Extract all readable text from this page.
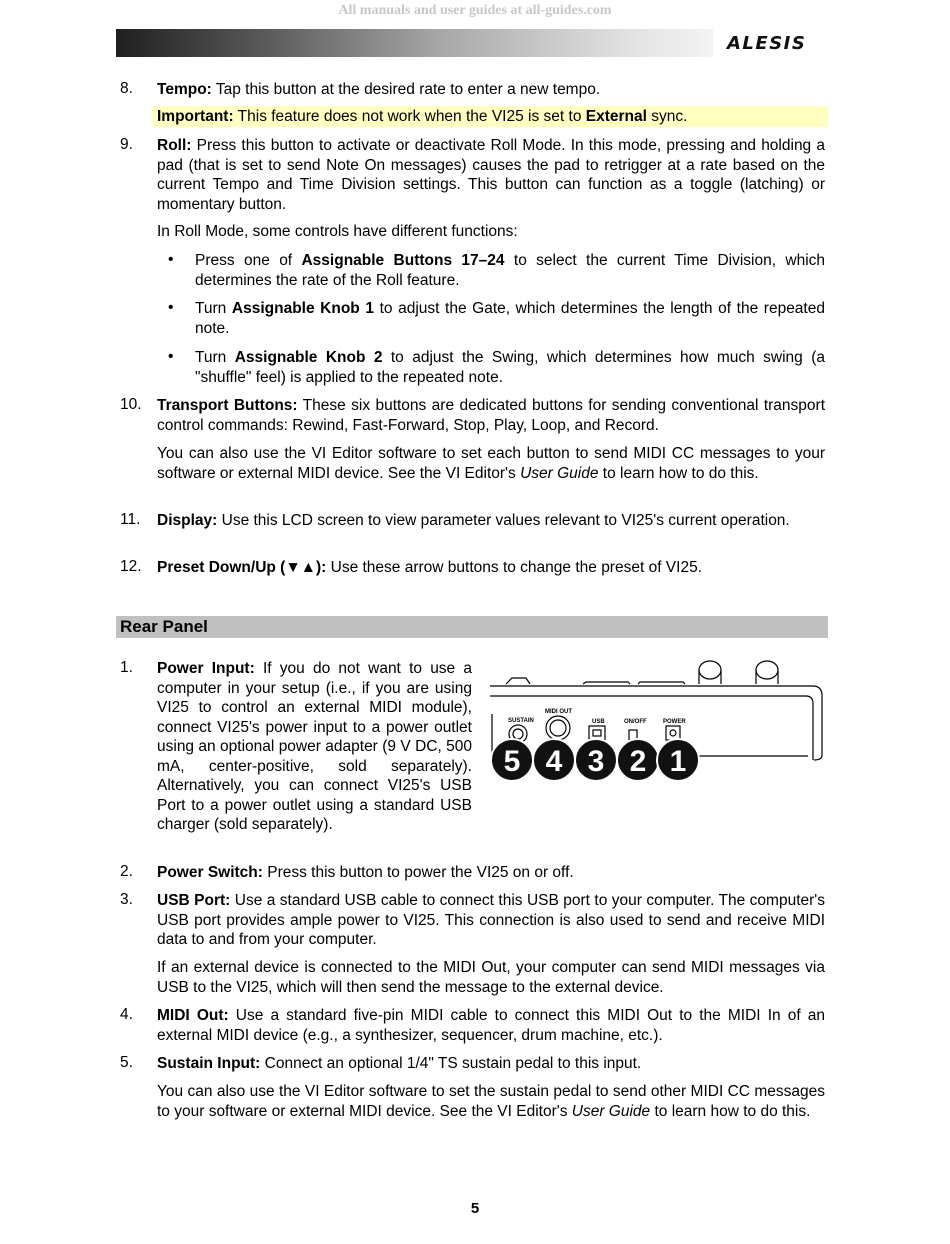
All manuals and user guides at all-guides.com
ALESIS
8. Tempo: Tap this button at the desired rate to enter a new tempo.
Important: This feature does not work when the VI25 is set to External sync.
9. Roll: Press this button to activate or deactivate Roll Mode. In this mode, pressing and holding a pad (that is set to send Note On messages) causes the pad to retrigger at a rate based on the current Tempo and Time Division settings. This button can function as a toggle (latching) or momentary button.
In Roll Mode, some controls have different functions:
• Press one of Assignable Buttons 17–24 to select the current Time Division, which determines the rate of the Roll feature.
• Turn Assignable Knob 1 to adjust the Gate, which determines the length of the repeated note.
• Turn Assignable Knob 2 to adjust the Swing, which determines how much swing (a "shuffle" feel) is applied to the repeated note.
10. Transport Buttons: These six buttons are dedicated buttons for sending conventional transport control commands: Rewind, Fast-Forward, Stop, Play, Loop, and Record.
You can also use the VI Editor software to set each button to send MIDI CC messages to your software or external MIDI device. See the VI Editor's User Guide to learn how to do this.
11. Display: Use this LCD screen to view parameter values relevant to VI25's current operation.
12. Preset Down/Up (▼▲): Use these arrow buttons to change the preset of VI25.
Rear Panel
1. Power Input: If you do not want to use a computer in your setup (i.e., if you are using VI25 to control an external MIDI module), connect VI25's power input to a power outlet using an optional power adapter (9 V DC, 500 mA, center-positive, sold separately). Alternatively, you can connect VI25's USB Port to a power outlet using a standard USB charger (sold separately).
SUSTAIN
MIDI OUT
USB	ON/OFF	POWER
5 4 3 2 1
2. Power Switch: Press this button to power the VI25 on or off.
3. USB Port: Use a standard USB cable to connect this USB port to your computer. The computer's USB port provides ample power to VI25. This connection is also used to send and receive MIDI data to and from your computer.
If an external device is connected to the MIDI Out, your computer can send MIDI messages via USB to the VI25, which will then send the message to the external device.
4. MIDI Out: Use a standard five-pin MIDI cable to connect this MIDI Out to the MIDI In of an external MIDI device (e.g., a synthesizer, sequencer, drum machine, etc.).
5. Sustain Input: Connect an optional 1/4" TS sustain pedal to this input.
You can also use the VI Editor software to set the sustain pedal to send other MIDI CC messages to your software or external MIDI device. See the VI Editor's User Guide to learn how to do this.
5
